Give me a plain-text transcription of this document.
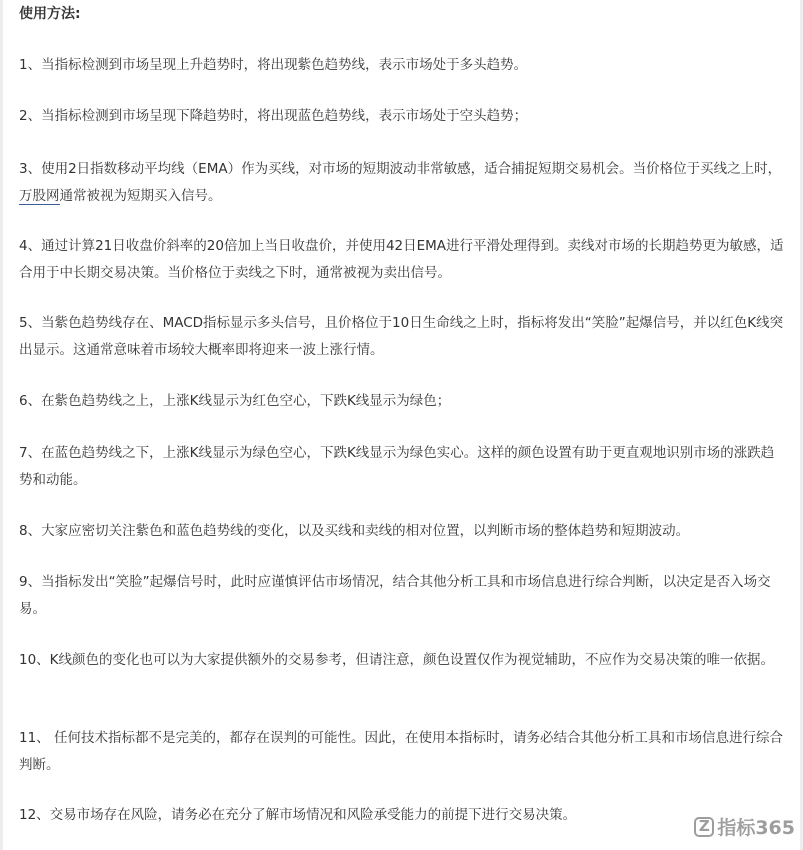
使用方法:

1、当指标检测到市场呈现上升趋势时，将出现紫色趋势线，表示市场处于多头趋势。

2、当指标检测到市场呈现下降趋势时，将出现蓝色趋势线，表示市场处于空头趋势；

3、使用2日指数移动平均线（EMA）作为买线，对市场的短期波动非常敏感，适合捕捉短期交易机会。当价格位于买线之上时，万股网通常被视为短期买入信号。

4、通过计算21日收盘价斜率的20倍加上当日收盘价，并使用42日EMA进行平滑处理得到。卖线对市场的长期趋势更为敏感，适合用于中长期交易决策。当价格位于卖线之下时，通常被视为卖出信号。

5、当紫色趋势线存在、MACD指标显示多头信号，且价格位于10日生命线之上时，指标将发出“笑脸”起爆信号，并以红色K线突出显示。这通常意味着市场较大概率即将迎来一波上涨行情。

6、在紫色趋势线之上，上涨K线显示为红色空心，下跌K线显示为绿色；

7、在蓝色趋势线之下，上涨K线显示为绿色空心，下跌K线显示为绿色实心。这样的颜色设置有助于更直观地识别市场的涨跌趋势和动能。

8、大家应密切关注紫色和蓝色趋势线的变化，以及买线和卖线的相对位置，以判断市场的整体趋势和短期波动。

9、当指标发出“笑脸”起爆信号时，此时应谨慎评估市场情况，结合其他分析工具和市场信息进行综合判断，以决定是否入场交易。

10、K线颜色的变化也可以为大家提供额外的交易参考，但请注意，颜色设置仅作为视觉辅助，不应作为交易决策的唯一依据。

11、 任何技术指标都不是完美的，都存在误判的可能性。因此，在使用本指标时，请务必结合其他分析工具和市场信息进行综合判断。

12、交易市场存在风险，请务必在充分了解市场情况和风险承受能力的前提下进行交易决策。

Z 指标365
